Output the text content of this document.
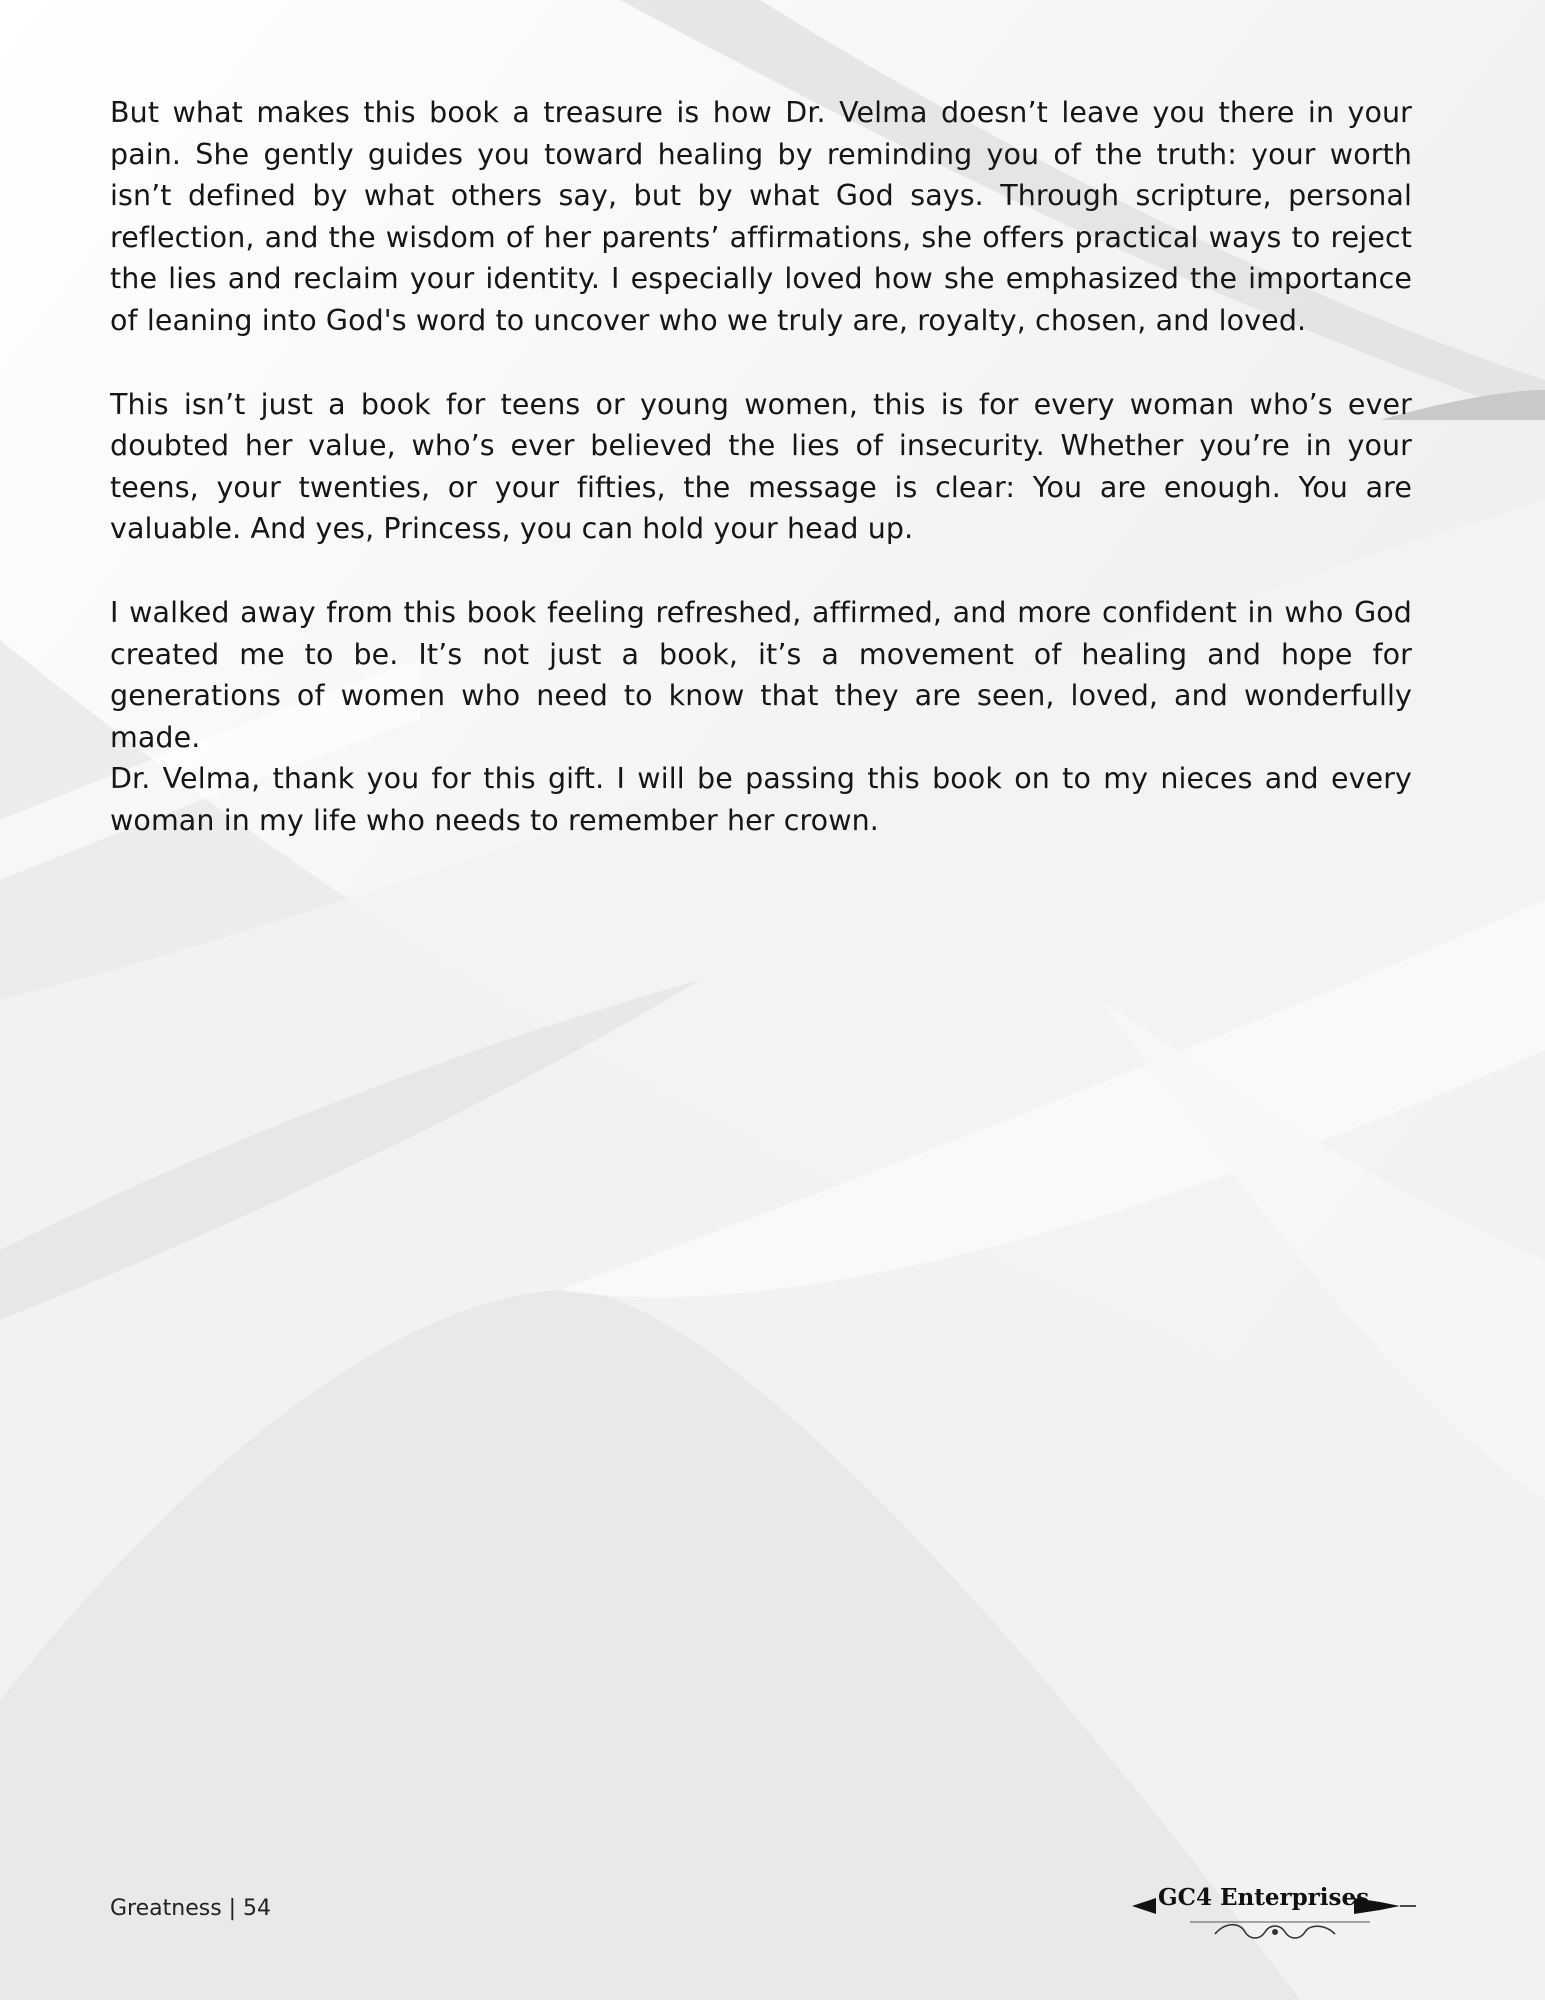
But what makes this book a treasure is how Dr. Velma doesn’t leave you there in your pain. She gently guides you toward healing by reminding you of the truth: your worth isn’t defined by what others say, but by what God says. Through scripture, personal reflection, and the wisdom of her parents’ affirmations, she offers practical ways to reject the lies and reclaim your identity. I especially loved how she emphasized the importance of leaning into God's word to uncover who we truly are, royalty, chosen, and loved.

This isn’t just a book for teens or young women, this is for every woman who’s ever doubted her value, who’s ever believed the lies of insecurity. Whether you’re in your teens, your twenties, or your fifties, the message is clear: You are enough. You are valuable. And yes, Princess, you can hold your head up.

I walked away from this book feeling refreshed, affirmed, and more confident in who God created me to be. It’s not just a book, it’s a movement of healing and hope for generations of women who need to know that they are seen, loved, and wonderfully made.

Dr. Velma, thank you for this gift. I will be passing this book on to my nieces and every woman in my life who needs to remember her crown.

Greatness | 54	GC4 Enterprises
